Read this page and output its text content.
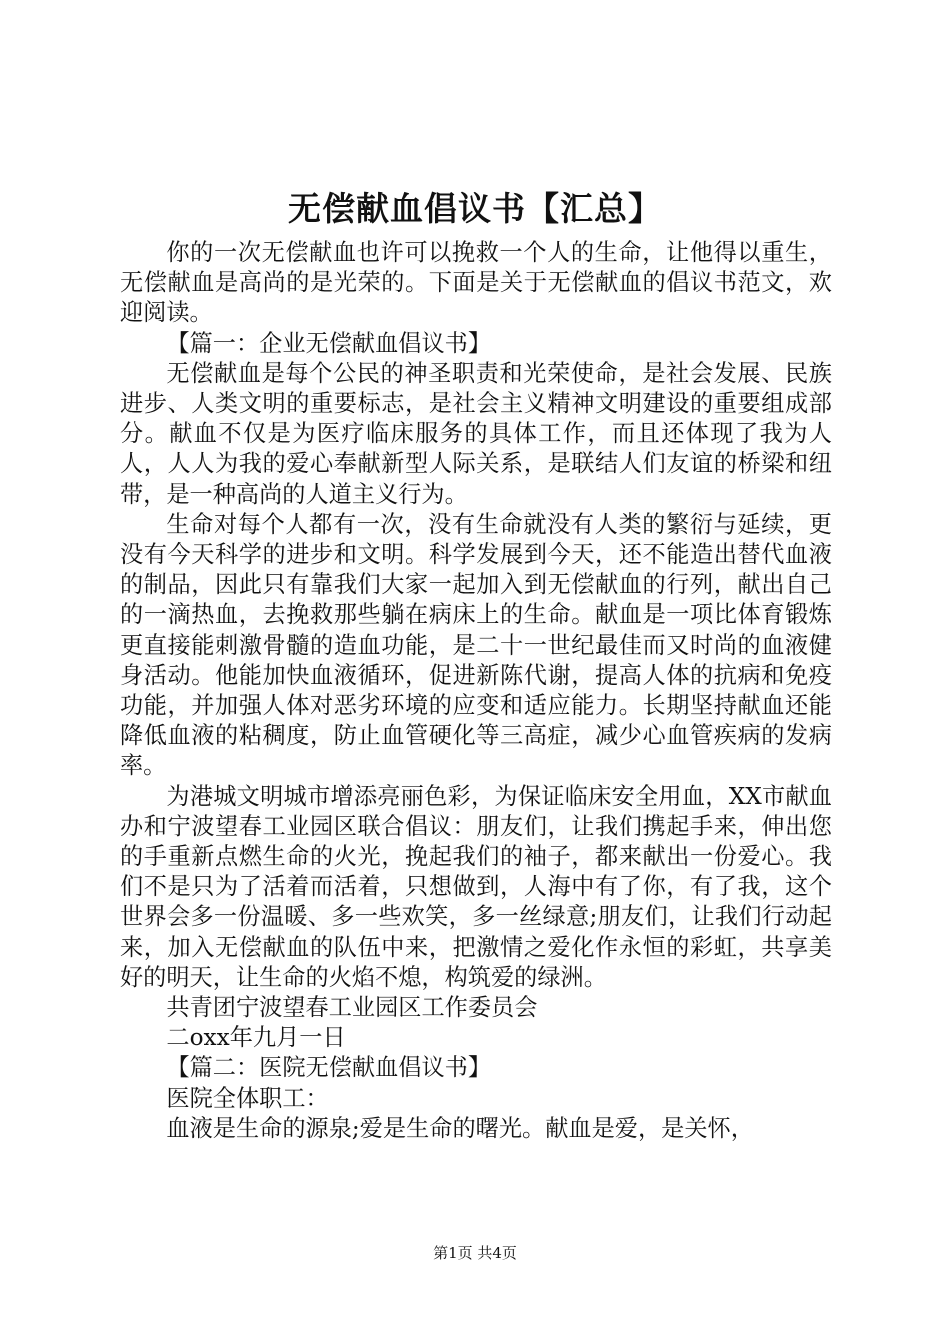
无偿献血倡议书【汇总】

你的一次无偿献血也许可以挽救一个人的生命，让他得以重生，无偿献血是高尚的是光荣的。下面是关于无偿献血的倡议书范文，欢迎阅读。

【篇一：企业无偿献血倡议书】

无偿献血是每个公民的神圣职责和光荣使命，是社会发展、民族进步、人类文明的重要标志，是社会主义精神文明建设的重要组成部分。献血不仅是为医疗临床服务的具体工作，而且还体现了我为人人，人人为我的爱心奉献新型人际关系，是联结人们友谊的桥梁和纽带，是一种高尚的人道主义行为。

生命对每个人都有一次，没有生命就没有人类的繁衍与延续，更没有今天科学的进步和文明。科学发展到今天，还不能造出替代血液的制品，因此只有靠我们大家一起加入到无偿献血的行列，献出自己的一滴热血，去挽救那些躺在病床上的生命。献血是一项比体育锻炼更直接能刺激骨髓的造血功能，是二十一世纪最佳而又时尚的血液健身活动。他能加快血液循环，促进新陈代谢，提高人体的抗病和免疫功能，并加强人体对恶劣环境的应变和适应能力。长期坚持献血还能降低血液的粘稠度，防止血管硬化等三高症，减少心血管疾病的发病率。

为港城文明城市增添亮丽色彩，为保证临床安全用血，XX市献血办和宁波望春工业园区联合倡议：朋友们，让我们携起手来，伸出您的手重新点燃生命的火光，挽起我们的袖子，都来献出一份爱心。我们不是只为了活着而活着，只想做到，人海中有了你，有了我，这个世界会多一份温暖、多一些欢笑，多一丝绿意;朋友们，让我们行动起来，加入无偿献血的队伍中来，把激情之爱化作永恒的彩虹，共享美好的明天，让生命的火焰不熄，构筑爱的绿洲。

共青团宁波望春工业园区工作委员会

二oxx年九月一日

【篇二：医院无偿献血倡议书】

医院全体职工：

血液是生命的源泉;爱是生命的曙光。献血是爱，是关怀，

第1页 共4页
